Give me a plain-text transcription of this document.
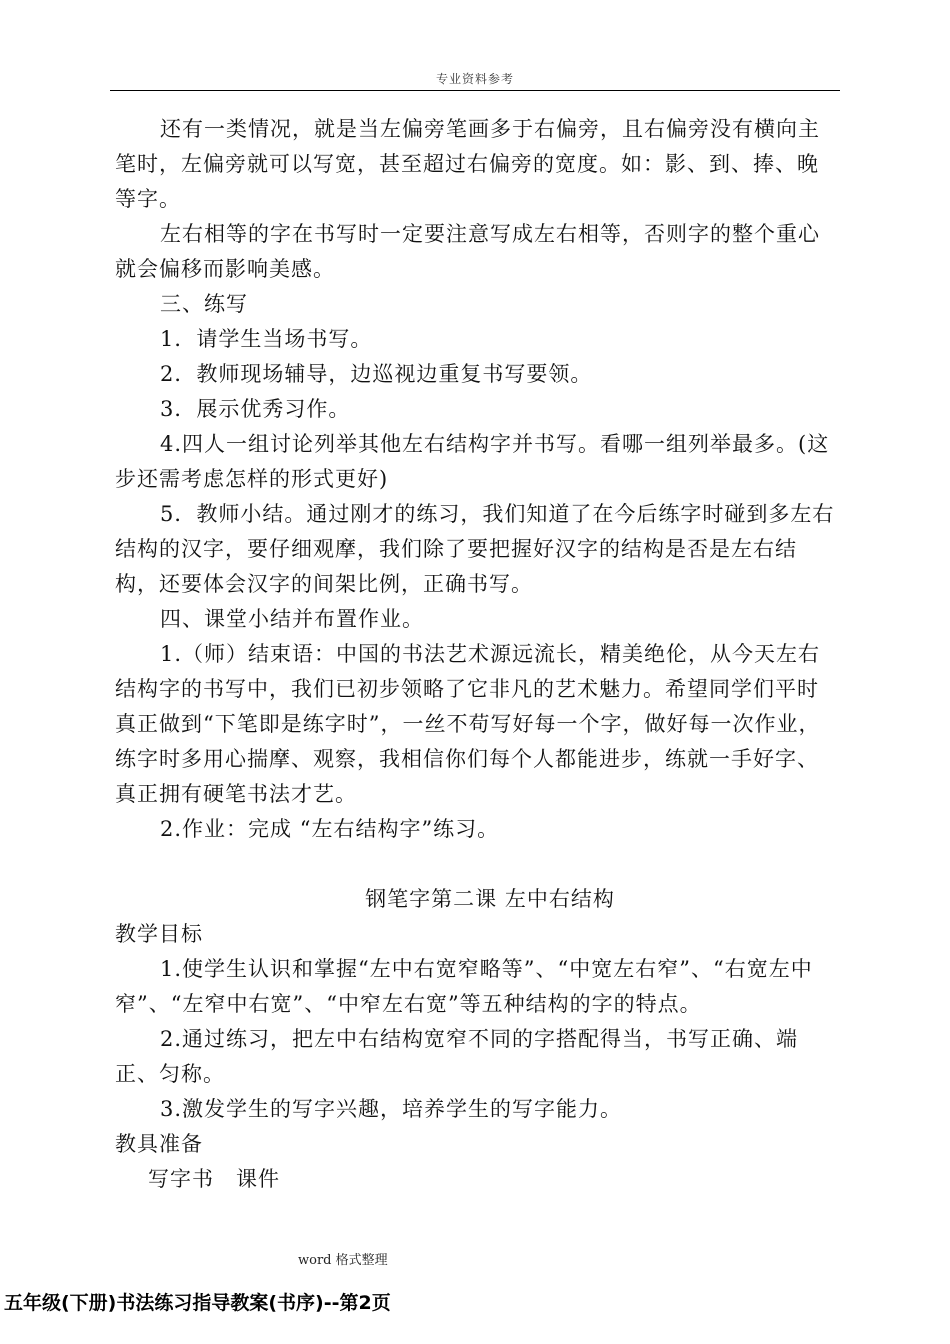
专业资料参考

还有一类情况，就是当左偏旁笔画多于右偏旁，且右偏旁没有横向主笔时，左偏旁就可以写宽，甚至超过右偏旁的宽度。如：影、到、捧、晚等字。

左右相等的字在书写时一定要注意写成左右相等，否则字的整个重心就会偏移而影响美感。

三、练写

1．请学生当场书写。

2．教师现场辅导，边巡视边重复书写要领。

3．展示优秀习作。

4.四人一组讨论列举其他左右结构字并书写。看哪一组列举最多。(这步还需考虑怎样的形式更好)

5．教师小结。通过刚才的练习，我们知道了在今后练字时碰到多左右结构的汉字，要仔细观摩，我们除了要把握好汉字的结构是否是左右结构，还要体会汉字的间架比例，正确书写。

四、课堂小结并布置作业。

1.（师）结束语：中国的书法艺术源远流长，精美绝伦，从今天左右结构字的书写中，我们已初步领略了它非凡的艺术魅力。希望同学们平时真正做到“下笔即是练字时”，一丝不苟写好每一个字，做好每一次作业，练字时多用心揣摩、观察，我相信你们每个人都能进步，练就一手好字、真正拥有硬笔书法才艺。

2.作业：完成 “左右结构字”练习。

钢笔字第二课 左中右结构

教学目标

1.使学生认识和掌握“左中右宽窄略等”、“中宽左右窄”、“右宽左中窄”、“左窄中右宽”、“中窄左右宽”等五种结构的字的特点。

2.通过练习，把左中右结构宽窄不同的字搭配得当，书写正确、端正、匀称。

3.激发学生的写字兴趣，培养学生的写字能力。

教具准备

写字书　课件

word 格式整理
五年级(下册)书法练习指导教案(书序)--第2页
